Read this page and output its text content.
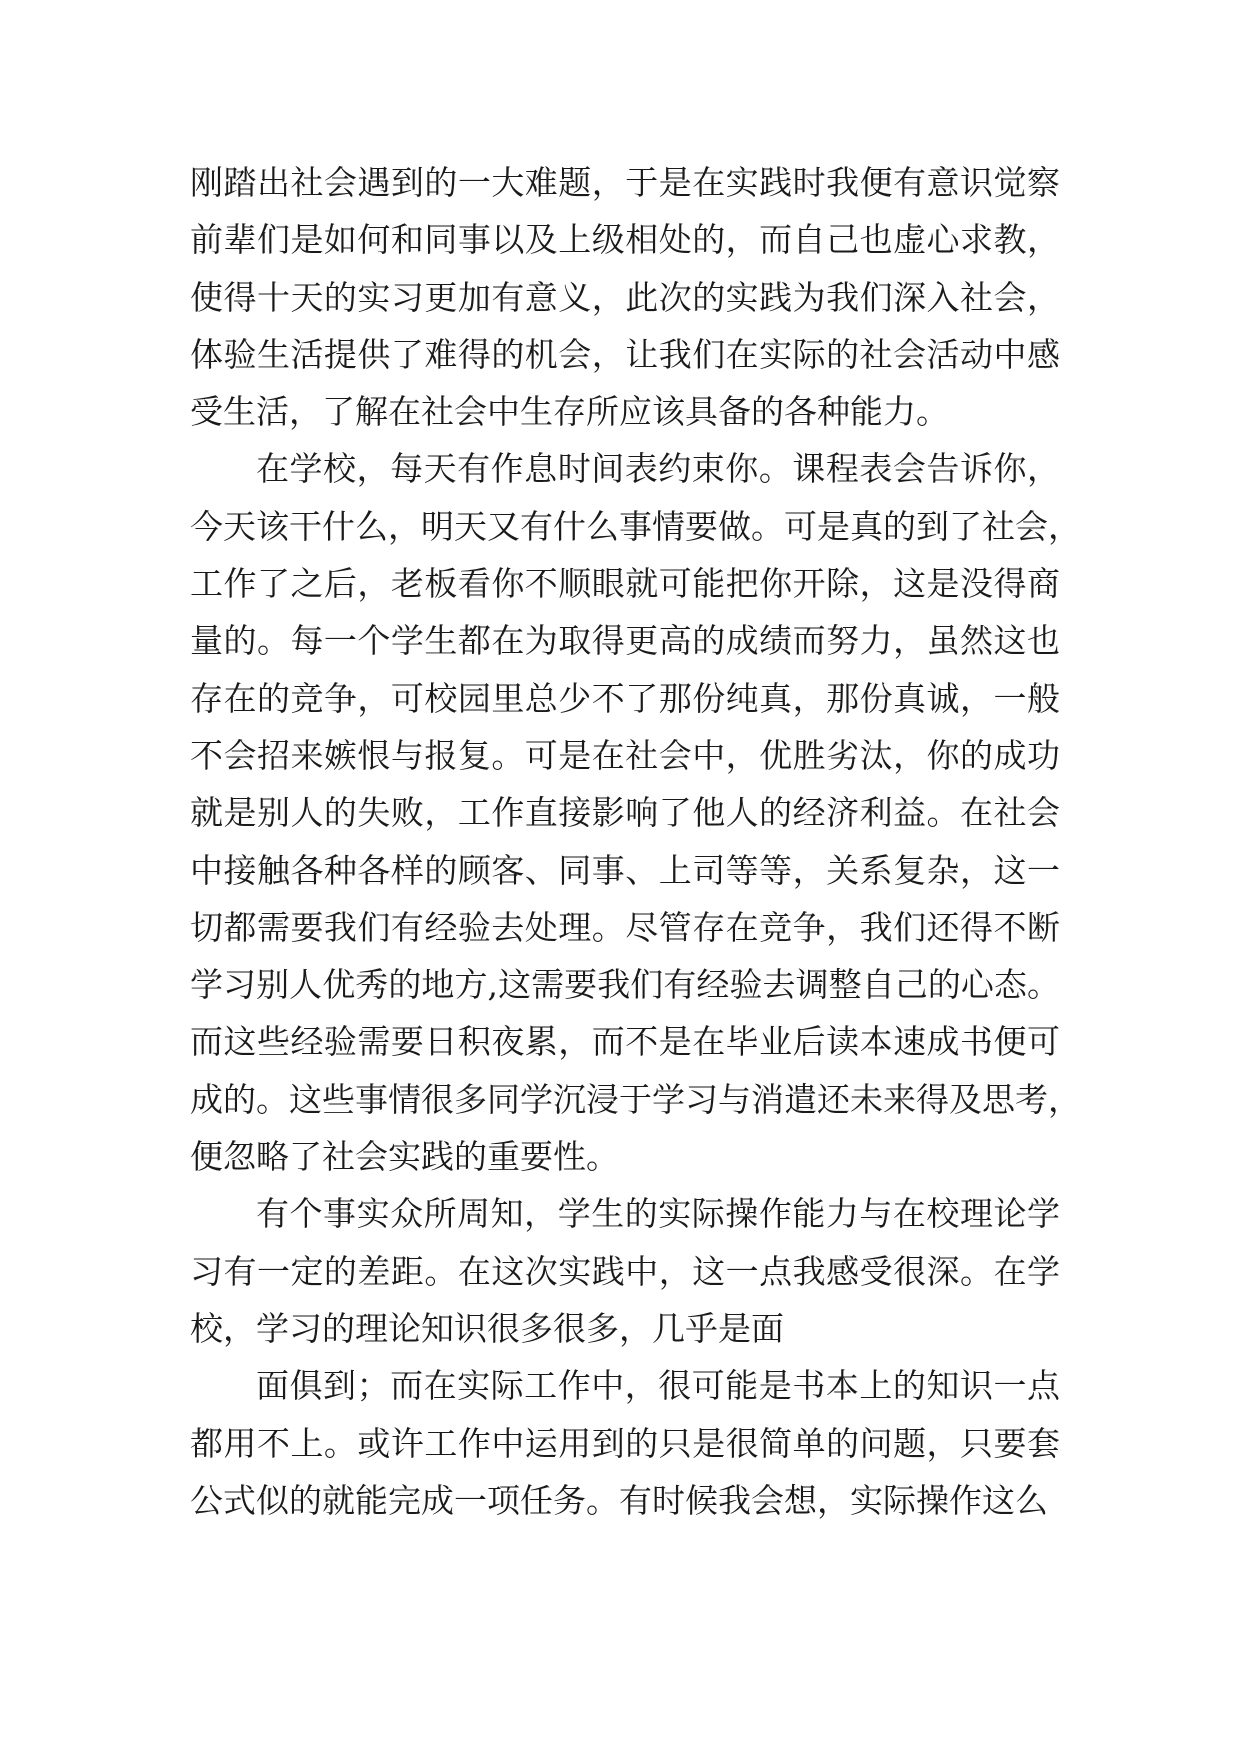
刚踏出社会遇到的一大难题，于是在实践时我便有意识觉察
前辈们是如何和同事以及上级相处的，而自己也虚心求教，
使得十天的实习更加有意义，此次的实践为我们深入社会，
体验生活提供了难得的机会，让我们在实际的社会活动中感
受生活，了解在社会中生存所应该具备的各种能力。
在学校，每天有作息时间表约束你。课程表会告诉你，
今天该干什么，明天又有什么事情要做。可是真的到了社会，
工作了之后，老板看你不顺眼就可能把你开除，这是没得商
量的。每一个学生都在为取得更高的成绩而努力，虽然这也
存在的竞争，可校园里总少不了那份纯真，那份真诚，一般
不会招来嫉恨与报复。可是在社会中，优胜劣汰，你的成功
就是别人的失败，工作直接影响了他人的经济利益。在社会
中接触各种各样的顾客、同事、上司等等，关系复杂，这一
切都需要我们有经验去处理。尽管存在竞争，我们还得不断
学习别人优秀的地方,这需要我们有经验去调整自己的心态。
而这些经验需要日积夜累，而不是在毕业后读本速成书便可
成的。这些事情很多同学沉浸于学习与消遣还未来得及思考，
便忽略了社会实践的重要性。
有个事实众所周知，学生的实际操作能力与在校理论学
习有一定的差距。在这次实践中，这一点我感受很深。在学
校，学习的理论知识很多很多，几乎是面
面俱到；而在实际工作中，很可能是书本上的知识一点
都用不上。或许工作中运用到的只是很简单的问题，只要套
公式似的就能完成一项任务。有时候我会想，实际操作这么
